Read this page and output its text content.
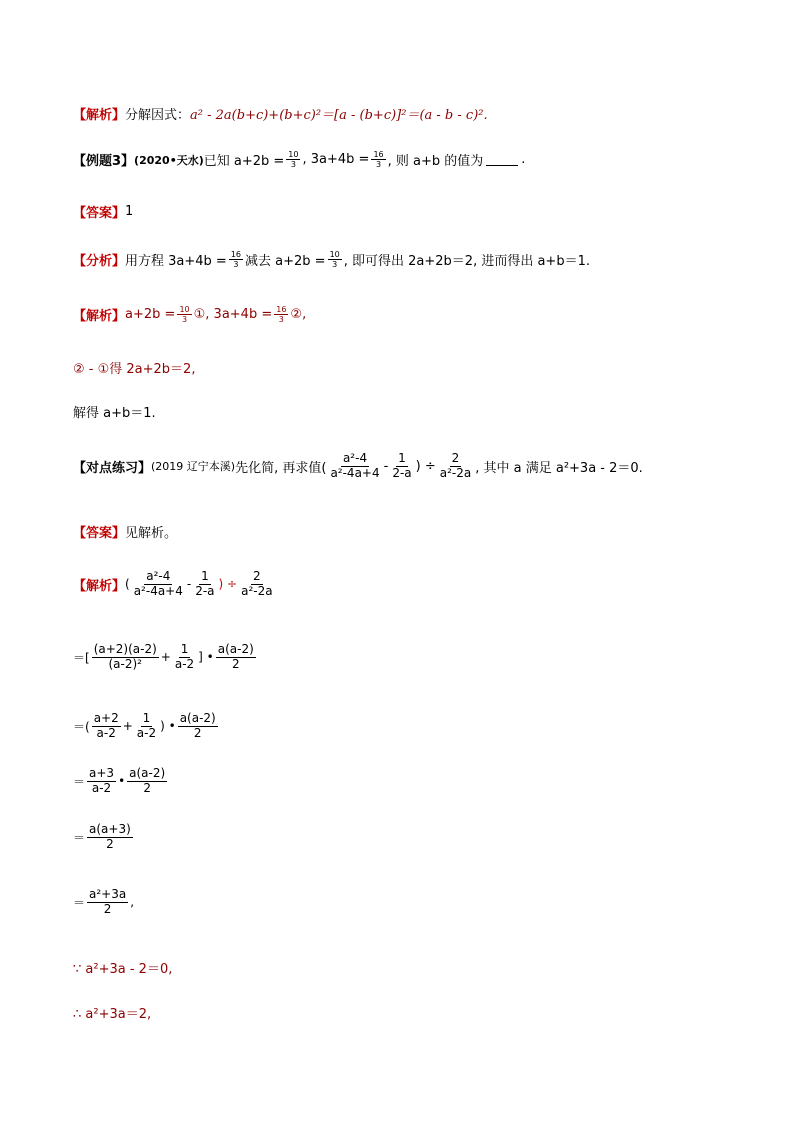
【解析】 分解因式： a² - 2a(b+c)+(b+c)²＝[a - (b+c)]²＝(a - b - c)².
【例题3】 (2020•天水) 已知 $a+2b = \frac{10}{3}$ , $3a+4b = \frac{16}{3}$ , 则 a+b 的值为	.
【答案】 1
【分析】 用方程 $3a+4b = \frac{16}{3}$ 减去 $a+2b = \frac{10}{3}$ , 即可得出 2a+2b＝2, 进而得出 a+b＝1.
【解析】 $a+2b = \frac{10}{3}$ ①, $3a+4b = \frac{16}{3}$ ②,
② - ①得 2a+2b＝2,
解得 a+b＝1.
【对点练习】 (2019 辽宁本溪) 先化简, 再求值( $\frac{\text{a²-4}}{\text{a²-4a+4}} - \frac{1}{2-a}$ ) ÷ $\frac{2}{\text{a²-2a}}$ , 其中 a 满足 a²+3a - 2＝0.
【答案】 见解析。
【解析】 ( $\frac{\text{a²-4}}{\text{a²-4a+4}} - \frac{1}{2-a}$ ) ÷ $\frac{2}{\text{a²-2a}}$
＝[ $\frac{(a+2)(a-2)}{\text{(a-2)²}} + \frac{1}{a-2}$ ] • $\frac{a(a-2)}{2}$
＝( $\frac{a+2}{a-2} + \frac{1}{a-2}$ ) • $\frac{a(a-2)}{2}$
＝ $\frac{a+3}{a-2}$ • $\frac{a(a-2)}{2}$
＝ $\frac{a(a+3)}{2}$
＝ $\frac{\text{a²+3a}}{2}$ ,
∵ a²+3a - 2＝0,
∴ a²+3a＝2,
